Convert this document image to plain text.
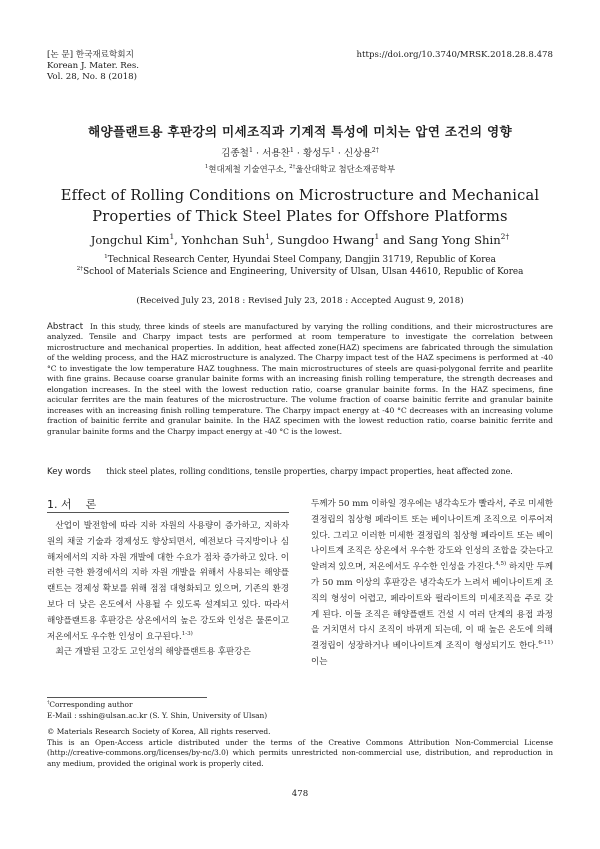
[논 문] 한국재료학회지
Korean J. Mater. Res.
Vol. 28, No. 8 (2018)
https://doi.org/10.3740/MRSK.2018.28.8.478
해양플랜트용 후판강의 미세조직과 기계적 특성에 미치는 압연 조건의 영향
김종철$^1$ · 서용찬$^1$ · 황성두$^1$ · 신상용$^{2\dagger}$
$^1$현대제철 기술연구소, $^{2\dagger}$울산대학교 첨단소재공학부
Effect of Rolling Conditions on Microstructure and Mechanical
Properties of Thick Steel Plates for Offshore Platforms
Jongchul Kim$^1$, Yonhchan Suh$^1$, Sungdoo Hwang$^1$ and Sang Yong Shin$^{2\dagger}$
$^1$Technical Research Center, Hyundai Steel Company, Dangjin 31719, Republic of Korea
$^{2\dagger}$School of Materials Science and Engineering, University of Ulsan, Ulsan 44610, Republic of Korea
(Received July 23, 2018 : Revised July 23, 2018 : Accepted August 9, 2018)
Abstract In this study, three kinds of steels are manufactured by varying the rolling conditions, and their microstructures are analyzed. Tensile and Charpy impact tests are performed at room temperature to investigate the correlation between microstructure and mechanical properties. In addition, heat affected zone(HAZ) specimens are fabricated through the simulation of the welding process, and the HAZ microstructure is analyzed. The Charpy impact test of the HAZ specimens is performed at -40 °C to investigate the low temperature HAZ toughness. The main microstructures of steels are quasi-polygonal ferrite and pearlite with fine grains. Because coarse granular bainite forms with an increasing finish rolling temperature, the strength decreases and elongation increases. In the steel with the lowest reduction ratio, coarse granular bainite forms. In the HAZ specimens, fine acicular ferrites are the main features of the microstructure. The volume fraction of coarse bainitic ferrite and granular bainite increases with an increasing finish rolling temperature. The Charpy impact energy at -40 °C decreases with an increasing volume fraction of bainitic ferrite and granular bainite. In the HAZ specimen with the lowest reduction ratio, coarse bainitic ferrite and granular bainite forms and the Charpy impact energy at -40 °C is the lowest.
Key words thick steel plates, rolling conditions, tensile properties, charpy impact properties, heat affected zone.
1. 서    론

산업이 발전함에 따라 지하 자원의 사용량이 증가하고, 지하자원의 채굴 기술과 경제성도 향상되면서, 예전보다 극지방이나 심해저에서의 지하 자원 개발에 대한 수요가 점차 증가하고 있다. 이러한 극한 환경에서의 지하 자원 개발을 위해서 사용되는 해양플랜트는 경제성 확보를 위해 점점 대형화되고 있으며, 기존의 환경보다 더 낮은 온도에서 사용될 수 있도록 설계되고 있다. 따라서 해양플랜트용 후판강은 상온에서의 높은 강도와 인성은 물론이고 저온에서도 우수한 인성이 요구된다.$^{1-3)}$

최근 개발된 고강도 고인성의 해양플랜트용 후판강은

두께가 50 mm 이하일 경우에는 냉각속도가 빨라서, 주로 미세한 결정립의 침상형 페라이트 또는 베이나이트계 조직으로 이루어져 있다. 그리고 이러한 미세한 결정립의 침상형 페라이트 또는 베이나이트계 조직은 상온에서 우수한 강도와 인성의 조합을 갖는다고 알려져 있으며, 저온에서도 우수한 인성을 가진다.$^{4,5)}$ 하지만 두께가 50 mm 이상의 후판강은 냉각속도가 느려서 베이나이트계 조직의 형성이 어렵고, 페라이트와 펄라이트의 미세조직을 주로 갖게 된다. 이들 조직은 해양플랜트 건설 시 여러 단계의 용접 과정을 거치면서 다시 조직이 바뀌게 되는데, 이 때 높은 온도에 의해 결정립이 성장하거나 베이나이트계 조직이 형성되기도 한다.$^{6-11)}$ 이는

†Corresponding author
E-Mail : sshin@ulsan.ac.kr (S. Y. Shin, University of Ulsan)
© Materials Research Society of Korea, All rights reserved.
This is an Open-Access article distributed under the terms of the Creative Commons Attribution Non-Commercial License (http://creative-commons.org/licenses/by-nc/3.0) which permits unrestricted non-commercial use, distribution, and reproduction in any medium, provided the original work is properly cited.
478
